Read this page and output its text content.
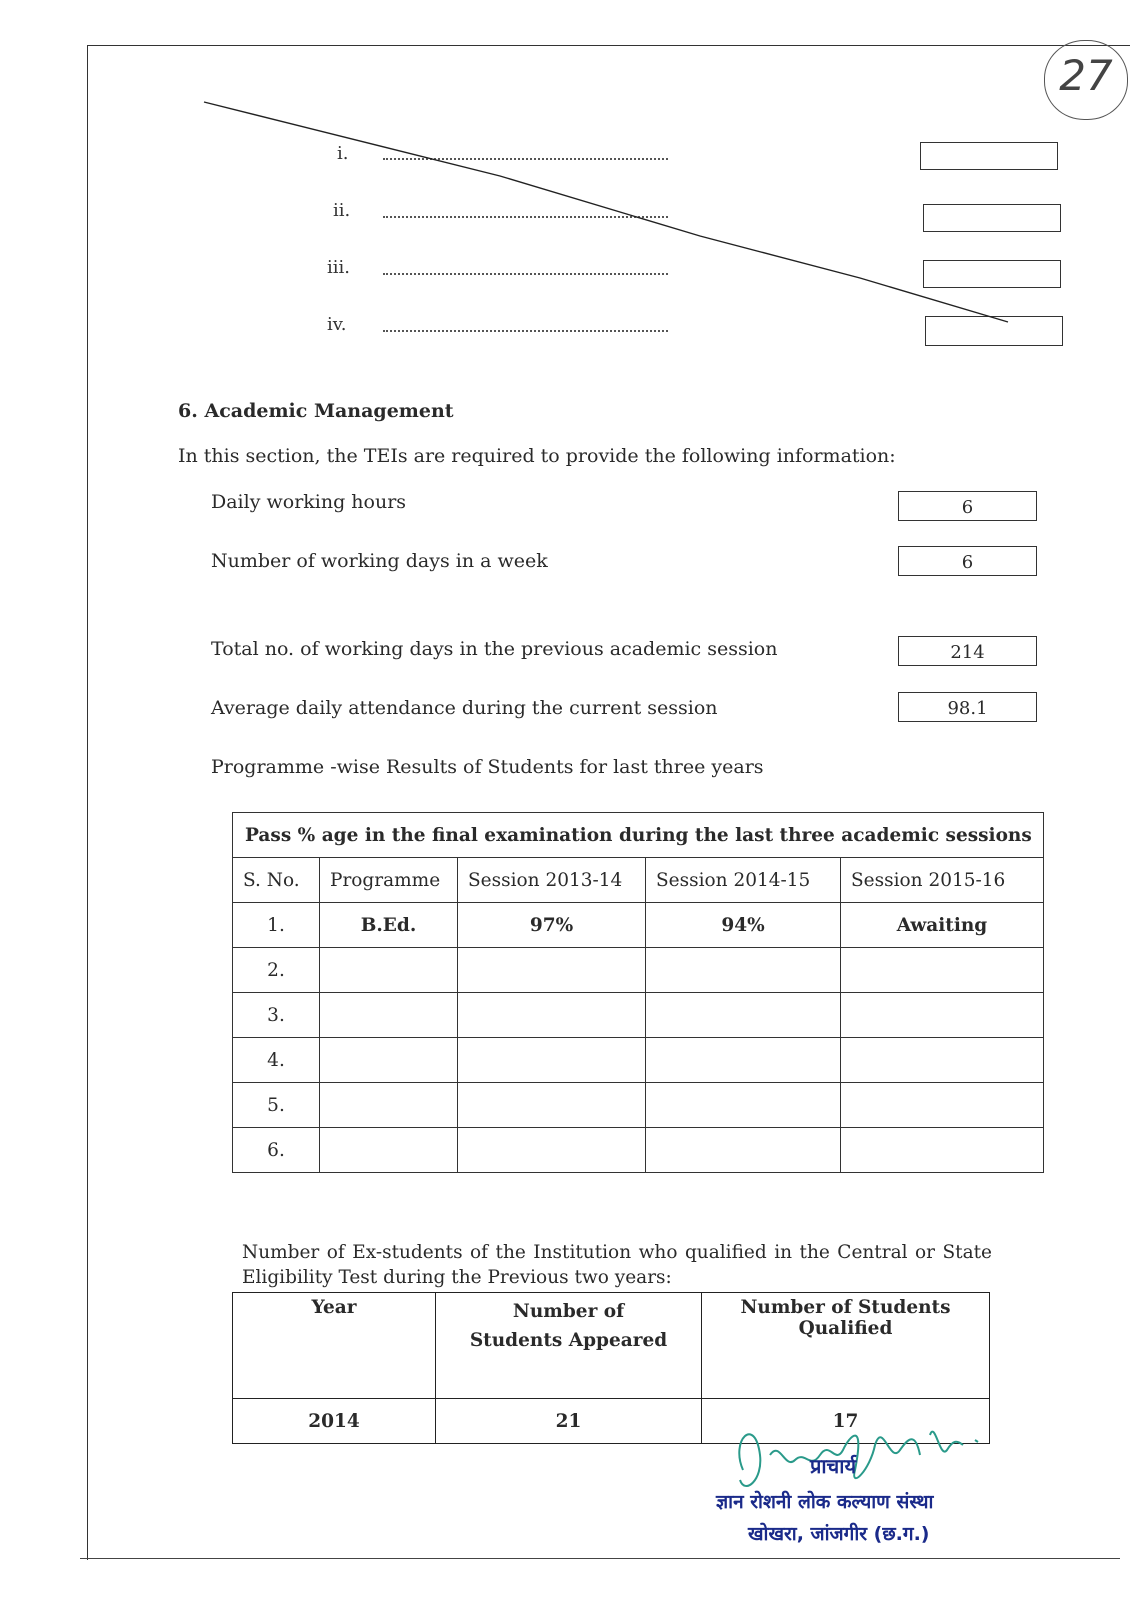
27
i.
ii.
iii.
iv.
6. Academic Management
In this section, the TEIs are required to provide the following information:
Daily working hours	6
Number of working days in a week	6
Total no. of working days in the previous academic session	214
Average daily attendance during the current session	98.1
Programme -wise Results of Students for last three years
Pass % age in the final examination during the last three academic sessions				
S. No.	Programme	Session 2013-14	Session 2014-15	Session 2015-16
1.	B.Ed.	97%	94%	Awaiting
2.				
3.				
4.				
5.				
6.				
Number of Ex-students of the Institution who qualified in the Central or State Eligibility Test during the Previous two years:
Year	Number of Students Appeared	Number of Students Qualified
2014	21	17
प्राचार्य
ज्ञान रोशनी लोक कल्याण संस्था
खोखरा, जांजगीर (छ.ग.)
